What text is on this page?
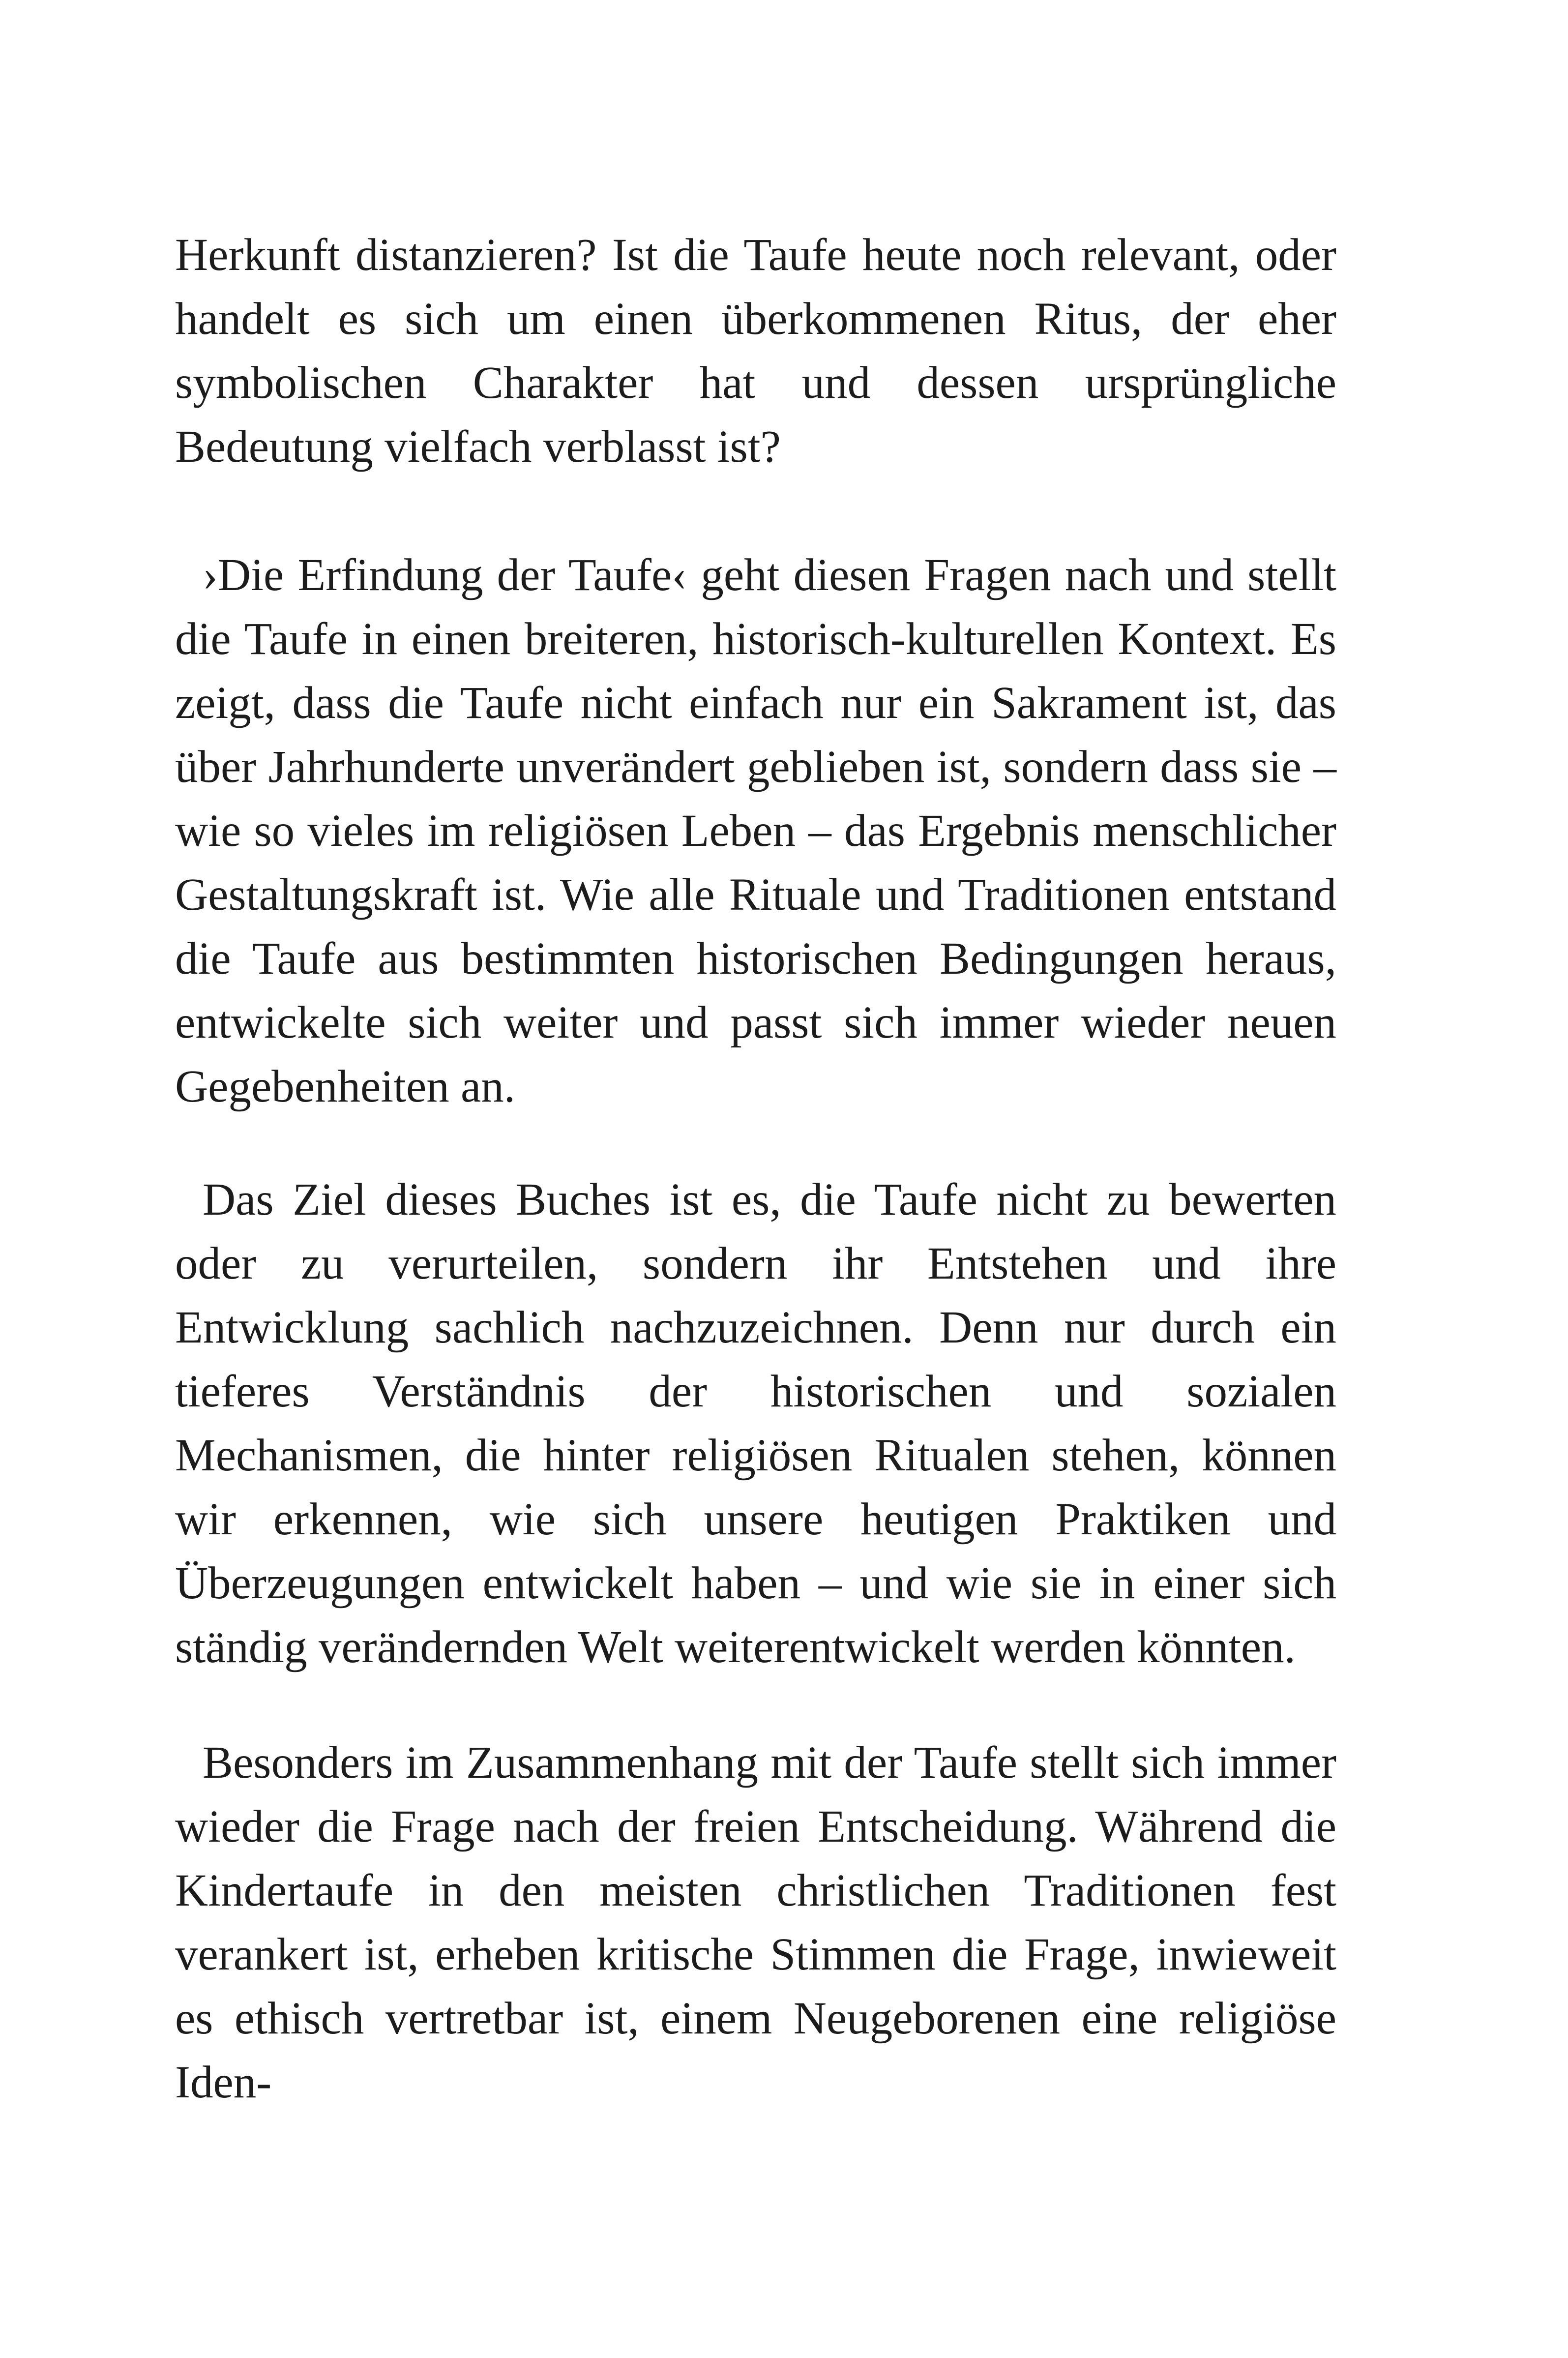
Herkunft distanzieren? Ist die Taufe heute noch relevant, oder handelt es sich um einen überkommenen Ritus, der eher symbolischen Charakter hat und dessen ursprüngliche Bedeutung vielfach verblasst ist?

›Die Erfindung der Taufe‹ geht diesen Fragen nach und stellt die Taufe in einen breiteren, historisch-kulturellen Kontext. Es zeigt, dass die Taufe nicht einfach nur ein Sakrament ist, das über Jahrhunderte unverändert geblieben ist, sondern dass sie – wie so vieles im religiösen Leben – das Ergebnis menschlicher Gestaltungskraft ist. Wie alle Rituale und Traditionen entstand die Taufe aus bestimmten historischen Bedingungen heraus, entwickelte sich weiter und passt sich immer wieder neuen Gegebenheiten an.

Das Ziel dieses Buches ist es, die Taufe nicht zu bewerten oder zu verurteilen, sondern ihr Entstehen und ihre Entwicklung sachlich nachzuzeichnen. Denn nur durch ein tieferes Verständnis der historischen und sozialen Mechanismen, die hinter religiösen Ritualen stehen, können wir erkennen, wie sich unsere heutigen Praktiken und Überzeugungen entwickelt haben – und wie sie in einer sich ständig verändernden Welt weiterentwickelt werden könnten.

Besonders im Zusammenhang mit der Taufe stellt sich immer wieder die Frage nach der freien Entscheidung. Während die Kindertaufe in den meisten christlichen Traditionen fest verankert ist, erheben kritische Stimmen die Frage, inwieweit es ethisch vertretbar ist, einem Neugeborenen eine religiöse Iden-
